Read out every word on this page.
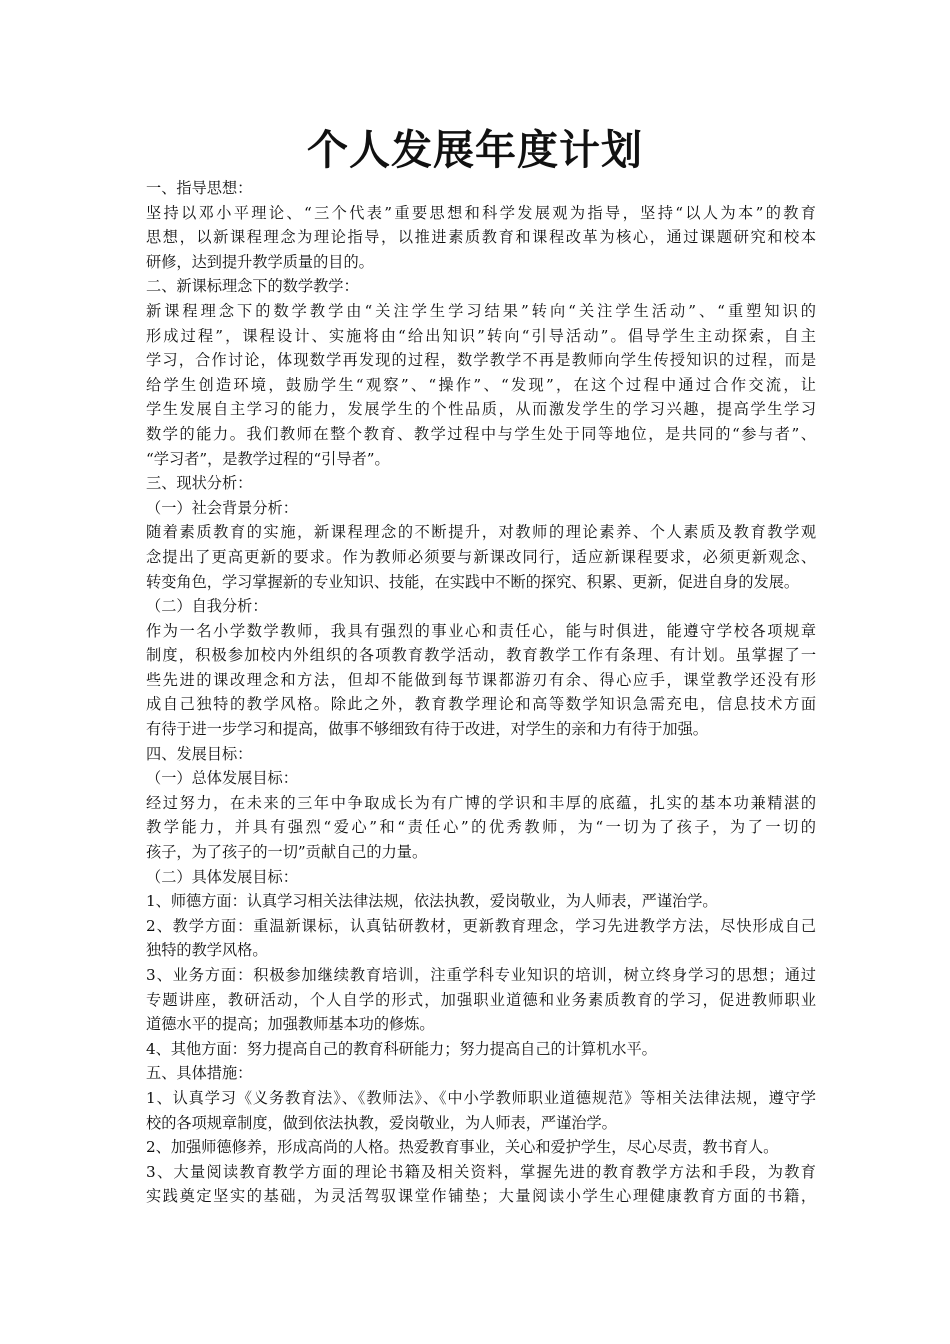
个人发展年度计划
一、指导思想：
坚持以邓小平理论、“三个代表”重要思想和科学发展观为指导，坚持“以人为本”的教育
思想，以新课程理念为理论指导，以推进素质教育和课程改革为核心，通过课题研究和校本
研修，达到提升教学质量的目的。
二、新课标理念下的数学教学：
新课程理念下的数学教学由“关注学生学习结果”转向“关注学生活动”、“重塑知识的
形成过程”，课程设计、实施将由“给出知识”转向“引导活动”。倡导学生主动探索，自主
学习，合作讨论，体现数学再发现的过程，数学教学不再是教师向学生传授知识的过程，而是
给学生创造环境，鼓励学生“观察”、“操作”、“发现”，在这个过程中通过合作交流，让
学生发展自主学习的能力，发展学生的个性品质，从而激发学生的学习兴趣，提高学生学习
数学的能力。我们教师在整个教育、教学过程中与学生处于同等地位，是共同的“参与者”、
“学习者”，是教学过程的“引导者”。
三、现状分析：
（一）社会背景分析：
随着素质教育的实施，新课程理念的不断提升，对教师的理论素养、个人素质及教育教学观
念提出了更高更新的要求。作为教师必须要与新课改同行，适应新课程要求，必须更新观念、
转变角色，学习掌握新的专业知识、技能，在实践中不断的探究、积累、更新，促进自身的发展。
（二）自我分析：
作为一名小学数学教师，我具有强烈的事业心和责任心，能与时俱进，能遵守学校各项规章
制度，积极参加校内外组织的各项教育教学活动，教育教学工作有条理、有计划。虽掌握了一
些先进的课改理念和方法，但却不能做到每节课都游刃有余、得心应手，课堂教学还没有形
成自己独特的教学风格。除此之外，教育教学理论和高等数学知识急需充电，信息技术方面
有待于进一步学习和提高，做事不够细致有待于改进，对学生的亲和力有待于加强。
四、发展目标：
（一）总体发展目标：
经过努力，在未来的三年中争取成长为有广博的学识和丰厚的底蕴，扎实的基本功兼精湛的
教学能力，并具有强烈“爱心”和“责任心”的优秀教师，为“一切为了孩子，为了一切的
孩子，为了孩子的一切”贡献自己的力量。
（二）具体发展目标：
1、师德方面：认真学习相关法律法规，依法执教，爱岗敬业，为人师表，严谨治学。
2、教学方面：重温新课标，认真钻研教材，更新教育理念，学习先进教学方法，尽快形成自己
独特的教学风格。
3、业务方面：积极参加继续教育培训，注重学科专业知识的培训，树立终身学习的思想；通过
专题讲座，教研活动，个人自学的形式，加强职业道德和业务素质教育的学习，促进教师职业
道德水平的提高；加强教师基本功的修炼。
4、其他方面：努力提高自己的教育科研能力；努力提高自己的计算机水平。
五、具体措施：
1、认真学习《义务教育法》、《教师法》、《中小学教师职业道德规范》等相关法律法规，遵守学
校的各项规章制度，做到依法执教，爱岗敬业，为人师表，严谨治学。
2、加强师德修养，形成高尚的人格。热爱教育事业，关心和爱护学生，尽心尽责，教书育人。
3、大量阅读教育教学方面的理论书籍及相关资料，掌握先进的教育教学方法和手段，为教育
实践奠定坚实的基础，为灵活驾驭课堂作铺垫；大量阅读小学生心理健康教育方面的书籍，
